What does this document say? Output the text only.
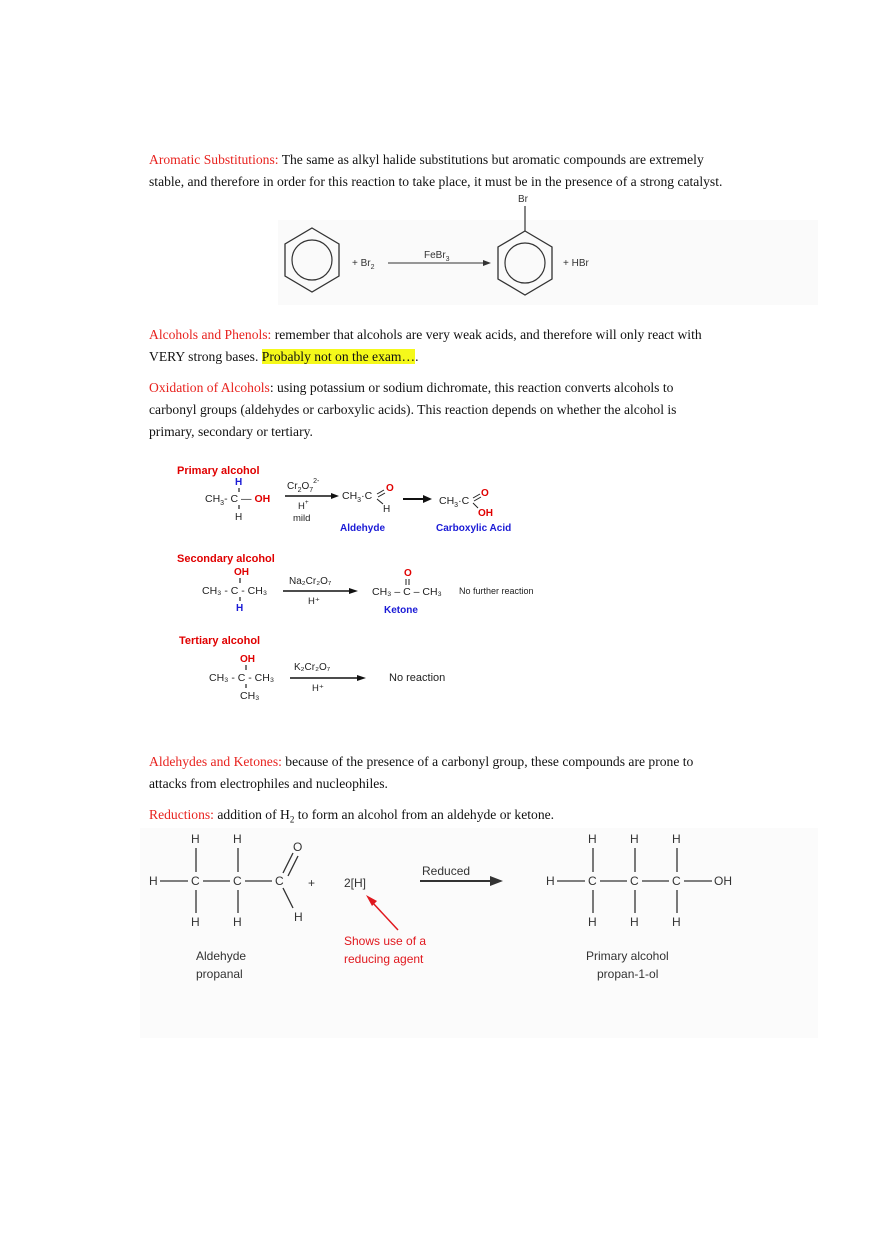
Aromatic Substitutions: The same as alkyl halide substitutions but aromatic compounds are extremely stable, and therefore in order for this reaction to take place, it must be in the presence of a strong catalyst.
Alcohols and Phenols: remember that alcohols are very weak acids, and therefore will only react with VERY strong bases. Probably not on the exam….
Oxidation of Alcohols: using potassium or sodium dichromate, this reaction converts alcohols to carbonyl groups (aldehydes or carboxylic acids). This reaction depends on whether the alcohol is primary, secondary or tertiary.
Aldehydes and Ketones: because of the presence of a carbonyl group, these compounds are prone to attacks from electrophiles and nucleophiles.
Reductions: addition of $H_2$ to form an alcohol from an aldehyde or ketone.
+ $Br_2$
FeBr$_3$
Br
+ HBr
Primary alcohol
H
$CH_3-$ C — OH
H
$Cr_2O_7^{2-}$
H+
mild
$CH_3\cdot C$
O
H
Aldehyde
$CH_3\cdot C$
O
OH
Carboxylic Acid
Secondary alcohol
OH
CH₃ - C - CH₃
H
Na₂Cr₂O₇
H⁺
O
CH₃ – C – CH₃
Ketone
No further reaction
Tertiary alcohol
OH
CH₃ - C - CH₃
CH₃
K₂Cr₂O₇
H⁺
No reaction
H	H
H	C	C	C
O
H	H	H
+ 2[H]
Reduced
Shows use of a
reducing agent
Aldehyde
propanal
H	H	H
H	C	C	C	OH
H	H	H
Primary alcohol
propan-1-ol
